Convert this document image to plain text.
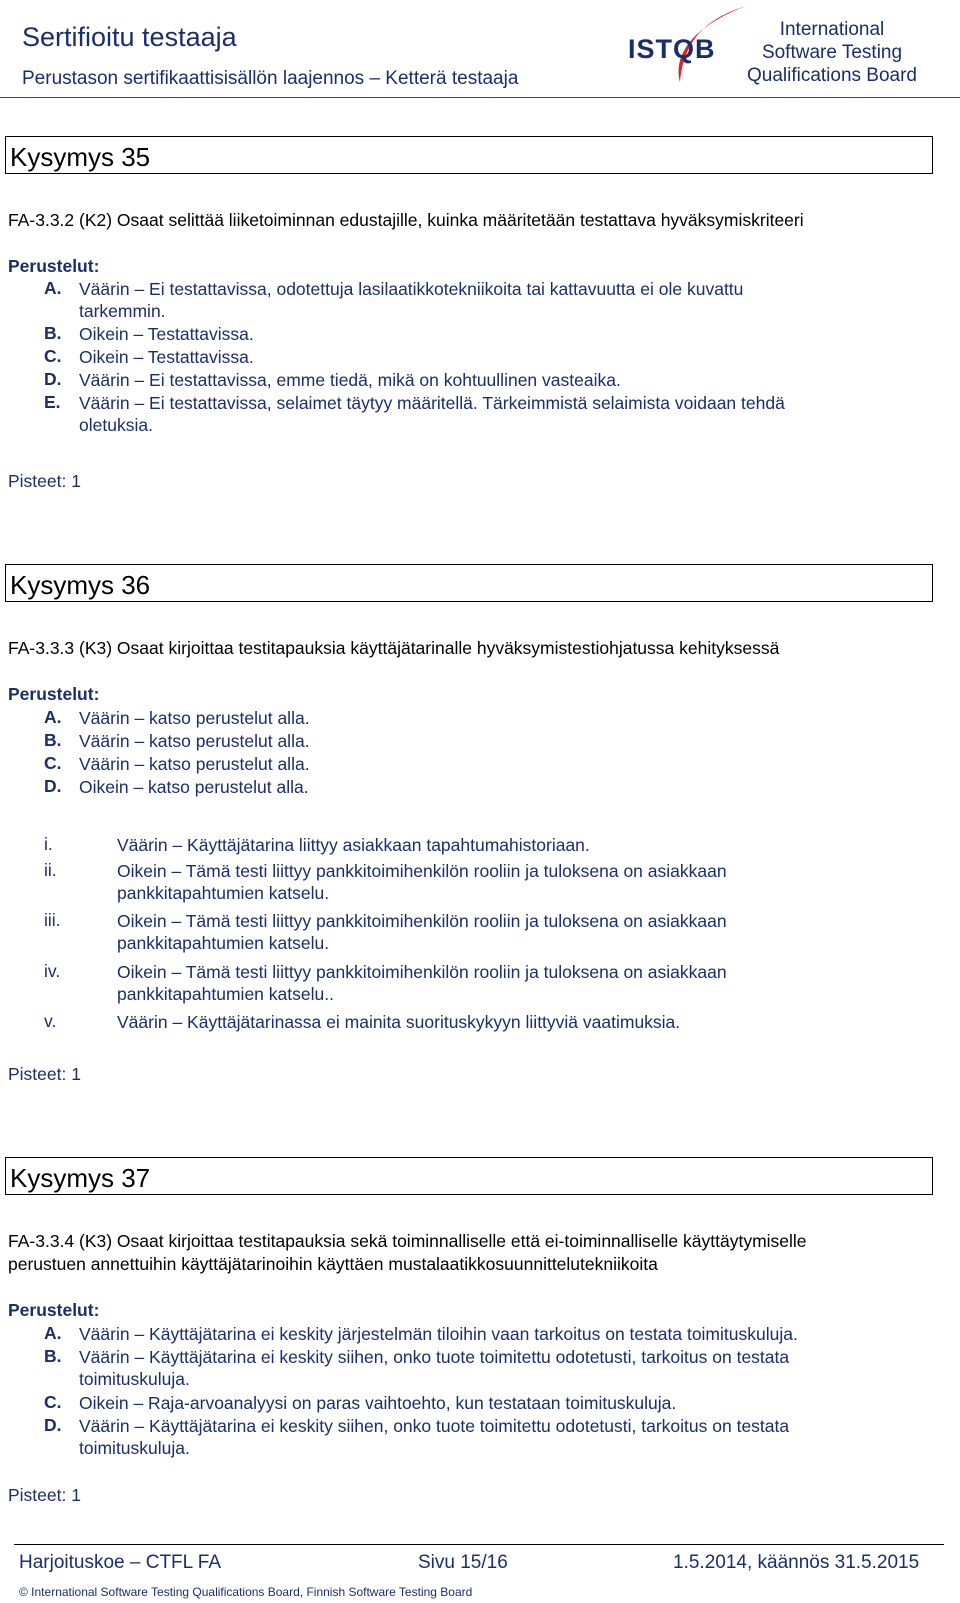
Sertifioitu testaaja
Perustason sertifikaattisisällön laajennos – Ketterä testaaja
ISTQB
International
Software Testing
Qualifications Board
Kysymys 35
FA-3.3.2 (K2) Osaat selittää liiketoiminnan edustajille, kuinka määritetään testattava hyväksymiskriteeri
Perustelut:
A. Väärin – Ei testattavissa, odotettuja lasilaatikkotekniikoita tai kattavuutta ei ole kuvattu
tarkemmin.
B. Oikein – Testattavissa.
C. Oikein – Testattavissa.
D. Väärin – Ei testattavissa, emme tiedä, mikä on kohtuullinen vasteaika.
E. Väärin – Ei testattavissa, selaimet täytyy määritellä. Tärkeimmistä selaimista voidaan tehdä
oletuksia.
Pisteet: 1
Kysymys 36
FA-3.3.3 (K3) Osaat kirjoittaa testitapauksia käyttäjätarinalle hyväksymistestiohjatussa kehityksessä
Perustelut:
A. Väärin – katso perustelut alla.
B. Väärin – katso perustelut alla.
C. Väärin – katso perustelut alla.
D. Oikein – katso perustelut alla.
i.	Väärin – Käyttäjätarina liittyy asiakkaan tapahtumahistoriaan.
ii.	Oikein – Tämä testi liittyy pankkitoimihenkilön rooliin ja tuloksena on asiakkaan
pankkitapahtumien katselu.
iii.	Oikein – Tämä testi liittyy pankkitoimihenkilön rooliin ja tuloksena on asiakkaan
pankkitapahtumien katselu.
iv.	Oikein – Tämä testi liittyy pankkitoimihenkilön rooliin ja tuloksena on asiakkaan
pankkitapahtumien katselu..
v.	Väärin – Käyttäjätarinassa ei mainita suorituskykyyn liittyviä vaatimuksia.
Pisteet: 1
Kysymys 37
FA-3.3.4 (K3) Osaat kirjoittaa testitapauksia sekä toiminnalliselle että ei-toiminnalliselle käyttäytymiselle
perustuen annettuihin käyttäjätarinoihin käyttäen mustalaatikkosuunnittelutekniikoita
Perustelut:
A. Väärin – Käyttäjätarina ei keskity järjestelmän tiloihin vaan tarkoitus on testata toimituskuluja.
B. Väärin – Käyttäjätarina ei keskity siihen, onko tuote toimitettu odotetusti, tarkoitus on testata
toimituskuluja.
C. Oikein – Raja-arvoanalyysi on paras vaihtoehto, kun testataan toimituskuluja.
D. Väärin – Käyttäjätarina ei keskity siihen, onko tuote toimitettu odotetusti, tarkoitus on testata
toimituskuluja.
Pisteet: 1
Harjoituskoe – CTFL FA	Sivu 15/16	1.5.2014, käännös 31.5.2015
© International Software Testing Qualifications Board, Finnish Software Testing Board
